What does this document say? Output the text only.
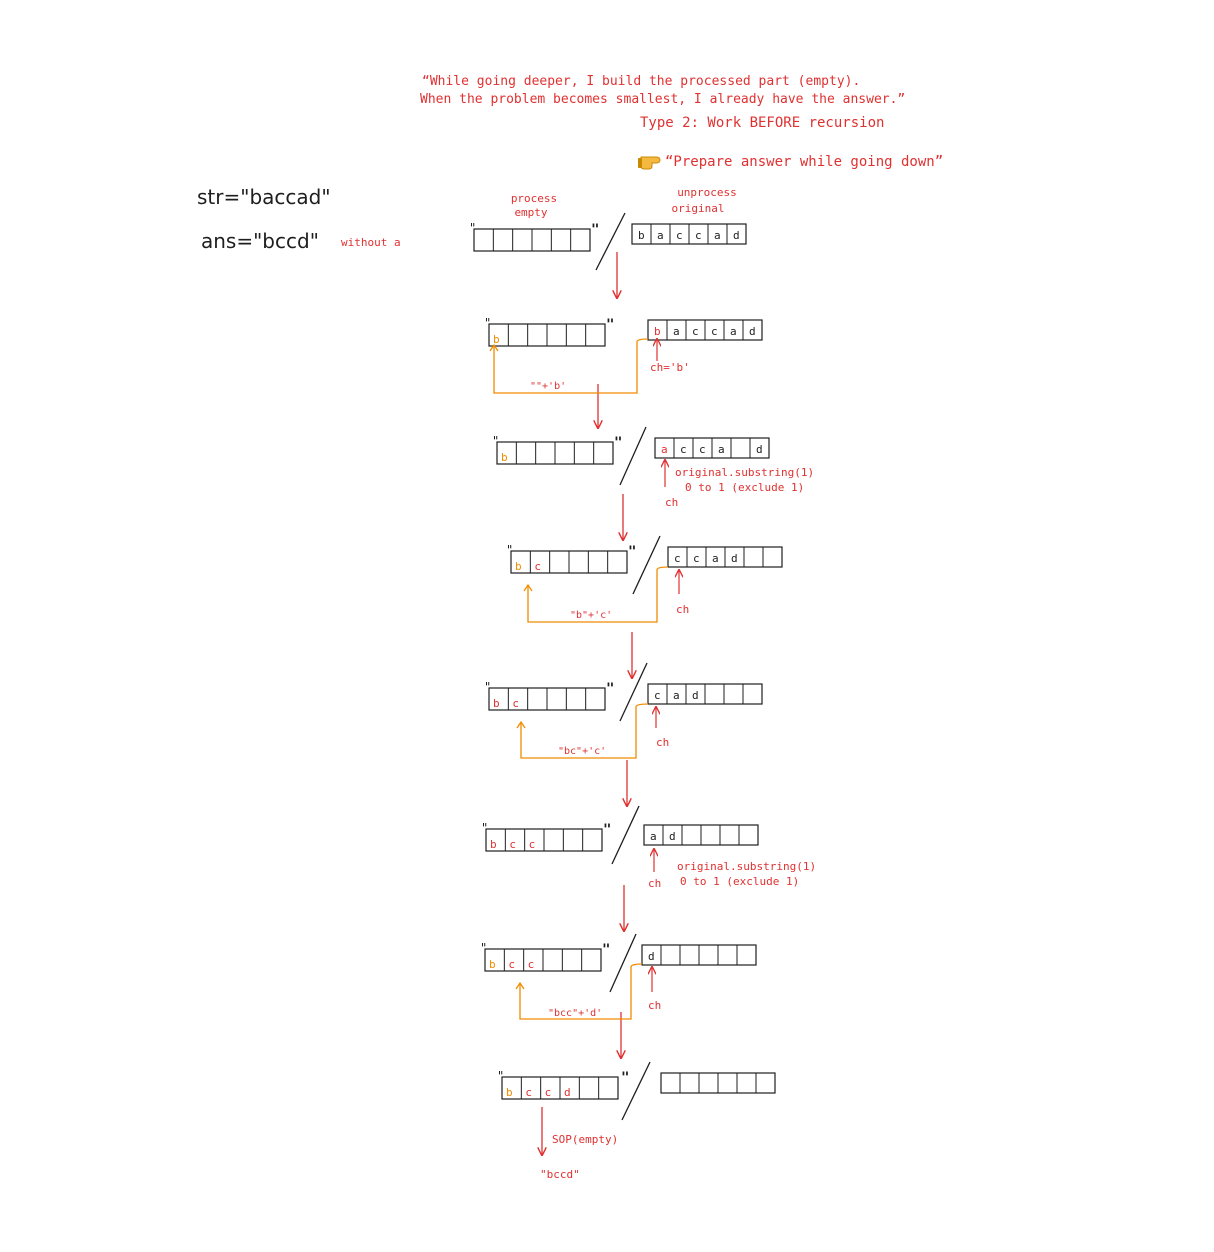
“While going deeper, I build the processed part (empty).
When the problem becomes smallest, I already have the answer.”
Type 2: Work BEFORE recursion
“Prepare answer while going down”
str="baccad"
ans="bccd" without a
process
empty
unprocess
original
"	"	b a c c a d
b
"	"	b a c c a d
ch='b'
""+'b'
b
"	"	a c c a	d
ch
original.substring(1)
0 to 1 (exclude 1)
b c
"	"	c c a d
ch
"b"+'c'
b c
"	"	c a d
ch
"bc"+'c'
b c c
"	"	a d
ch
original.substring(1)
0 to 1 (exclude 1)
b c c
"	"	d
ch
"bcc"+'d'
b c c d
"	"
SOP(empty)
"bccd"
